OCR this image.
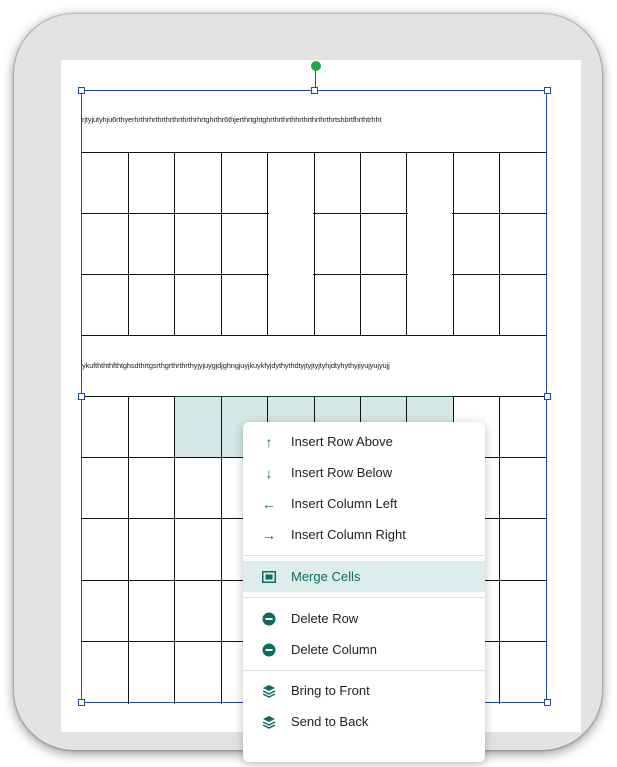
rjtyjutyhju6rthyerhrthrhrthrthrthrthrthrhrtghrthr6thjerthrtghtghrthrthrthhrthrthrthrthrtshbrtfhrthtrhht
ykufthththfthtghsdthrtgsrthgrthrthrthyjyjuygjdjghngjuyjkuykfyjdythythdtyjtyjtyjtyhjdtyhythyjiyujyujyujj
↑	Insert Row Above
↓	Insert Row Below
← Insert Column Left
→ Insert Column Right
Merge Cells
Delete Row
Delete Column
Bring to Front
Send to Back
